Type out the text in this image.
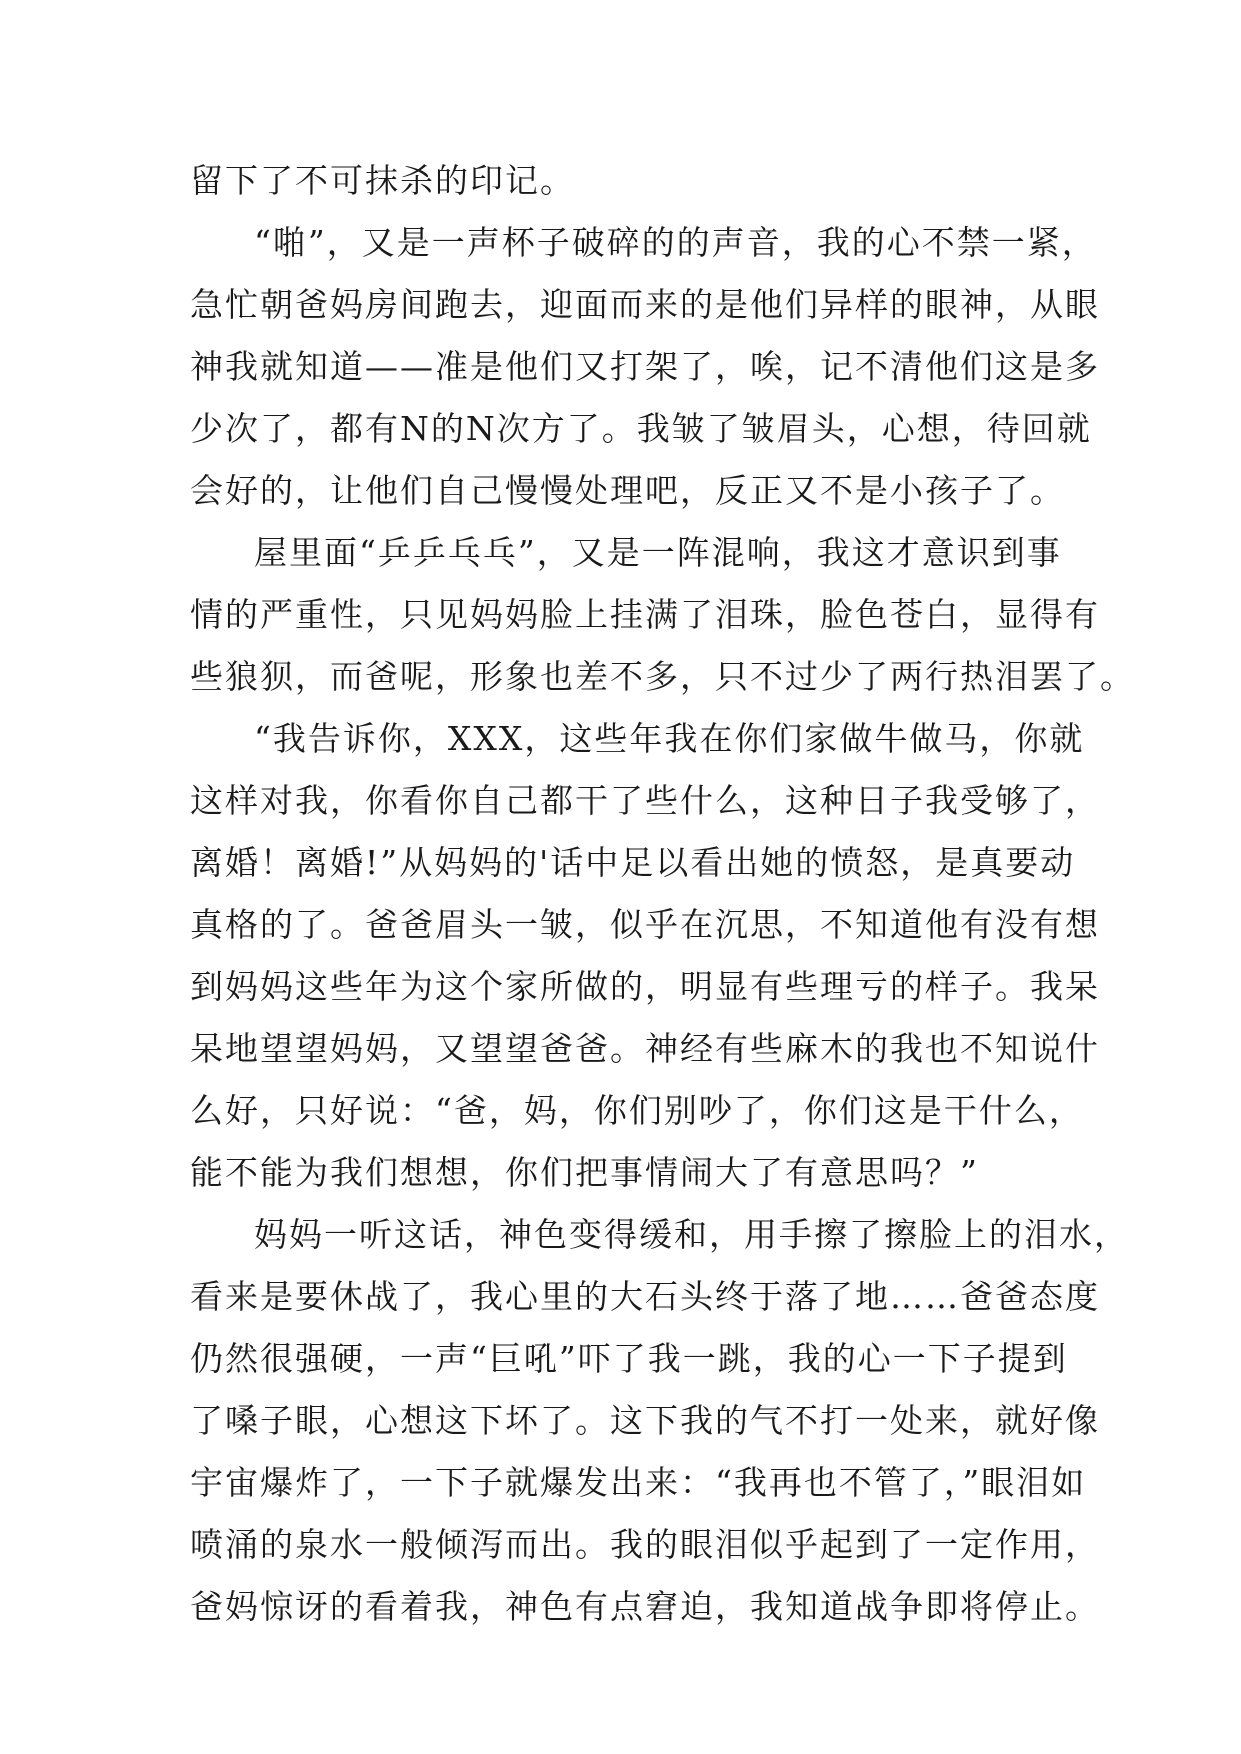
留下了不可抹杀的印记。
“啪”，又是一声杯子破碎的的声音，我的心不禁一紧，
急忙朝爸妈房间跑去，迎面而来的是他们异样的眼神，从眼
神我就知道——准是他们又打架了，唉，记不清他们这是多
少次了，都有N的N次方了。我皱了皱眉头，心想，待回就
会好的，让他们自己慢慢处理吧，反正又不是小孩子了。
屋里面“乒乒乓乓”，又是一阵混响，我这才意识到事
情的严重性，只见妈妈脸上挂满了泪珠，脸色苍白，显得有
些狼狈，而爸呢，形象也差不多，只不过少了两行热泪罢了。
“我告诉你，XXX，这些年我在你们家做牛做马，你就
这样对我，你看你自己都干了些什么，这种日子我受够了，
离婚！离婚!”从妈妈的'话中足以看出她的愤怒，是真要动
真格的了。爸爸眉头一皱，似乎在沉思，不知道他有没有想
到妈妈这些年为这个家所做的，明显有些理亏的样子。我呆
呆地望望妈妈，又望望爸爸。神经有些麻木的我也不知说什
么好，只好说：“爸，妈，你们别吵了，你们这是干什么，
能不能为我们想想，你们把事情闹大了有意思吗？”
妈妈一听这话，神色变得缓和，用手擦了擦脸上的泪水，
看来是要休战了，我心里的大石头终于落了地……爸爸态度
仍然很强硬，一声“巨吼”吓了我一跳，我的心一下子提到
了嗓子眼，心想这下坏了。这下我的气不打一处来，就好像
宇宙爆炸了，一下子就爆发出来：“我再也不管了，”眼泪如
喷涌的泉水一般倾泻而出。我的眼泪似乎起到了一定作用，
爸妈惊讶的看着我，神色有点窘迫，我知道战争即将停止。
